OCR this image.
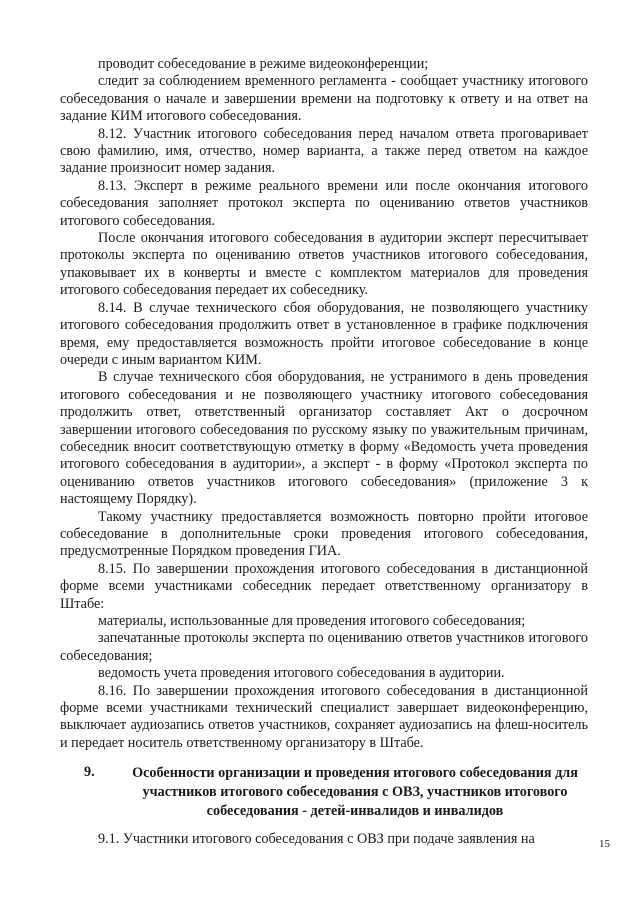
проводит собеседование в режиме видеоконференции;

следит за соблюдением временного регламента - сообщает участнику итогового собеседования о начале и завершении времени на подготовку к ответу и на ответ на задание КИМ итогового собеседования.

8.12. Участник итогового собеседования перед началом ответа проговаривает свою фамилию, имя, отчество, номер варианта, а также перед ответом на каждое задание произносит номер задания.

8.13. Эксперт в режиме реального времени или после окончания итогового собеседования заполняет протокол эксперта по оцениванию ответов участников итогового собеседования.

После окончания итогового собеседования в аудитории эксперт пересчитывает протоколы эксперта по оцениванию ответов участников итогового собеседования, упаковывает их в конверты и вместе с комплектом материалов для проведения итогового собеседования передает их собеседнику.

8.14. В случае технического сбоя оборудования, не позволяющего участнику итогового собеседования продолжить ответ в установленное в графике подключения время, ему предоставляется возможность пройти итоговое собеседование в конце очереди с иным вариантом КИМ.

В случае технического сбоя оборудования, не устранимого в день проведения итогового собеседования и не позволяющего участнику итогового собеседования продолжить ответ, ответственный организатор составляет Акт о досрочном завершении итогового собеседования по русскому языку по уважительным причинам, собеседник вносит соответствующую отметку в форму «Ведомость учета проведения итогового собеседования в аудитории», а эксперт - в форму «Протокол эксперта по оцениванию ответов участников итогового собеседования» (приложение 3 к настоящему Порядку).

Такому участнику предоставляется возможность повторно пройти итоговое собеседование в дополнительные сроки проведения итогового собеседования, предусмотренные Порядком проведения ГИА.

8.15. По завершении прохождения итогового собеседования в дистанционной форме всеми участниками собеседник передает ответственному организатору в Штабе:

материалы, использованные для проведения итогового собеседования;

запечатанные протоколы эксперта по оцениванию ответов участников итогового собеседования;

ведомость учета проведения итогового собеседования в аудитории.

8.16. По завершении прохождения итогового собеседования в дистанционной форме всеми участниками технический специалист завершает видеоконференцию, выключает аудиозапись ответов участников, сохраняет аудиозапись на флеш-носитель и передает носитель ответственному организатору в Штабе.

9.	Особенности организации и проведения итогового собеседования для участников итогового собеседования с ОВЗ, участников итогового собеседования - детей-инвалидов и инвалидов

9.1. Участники итогового собеседования с ОВЗ при подаче заявления на	15
